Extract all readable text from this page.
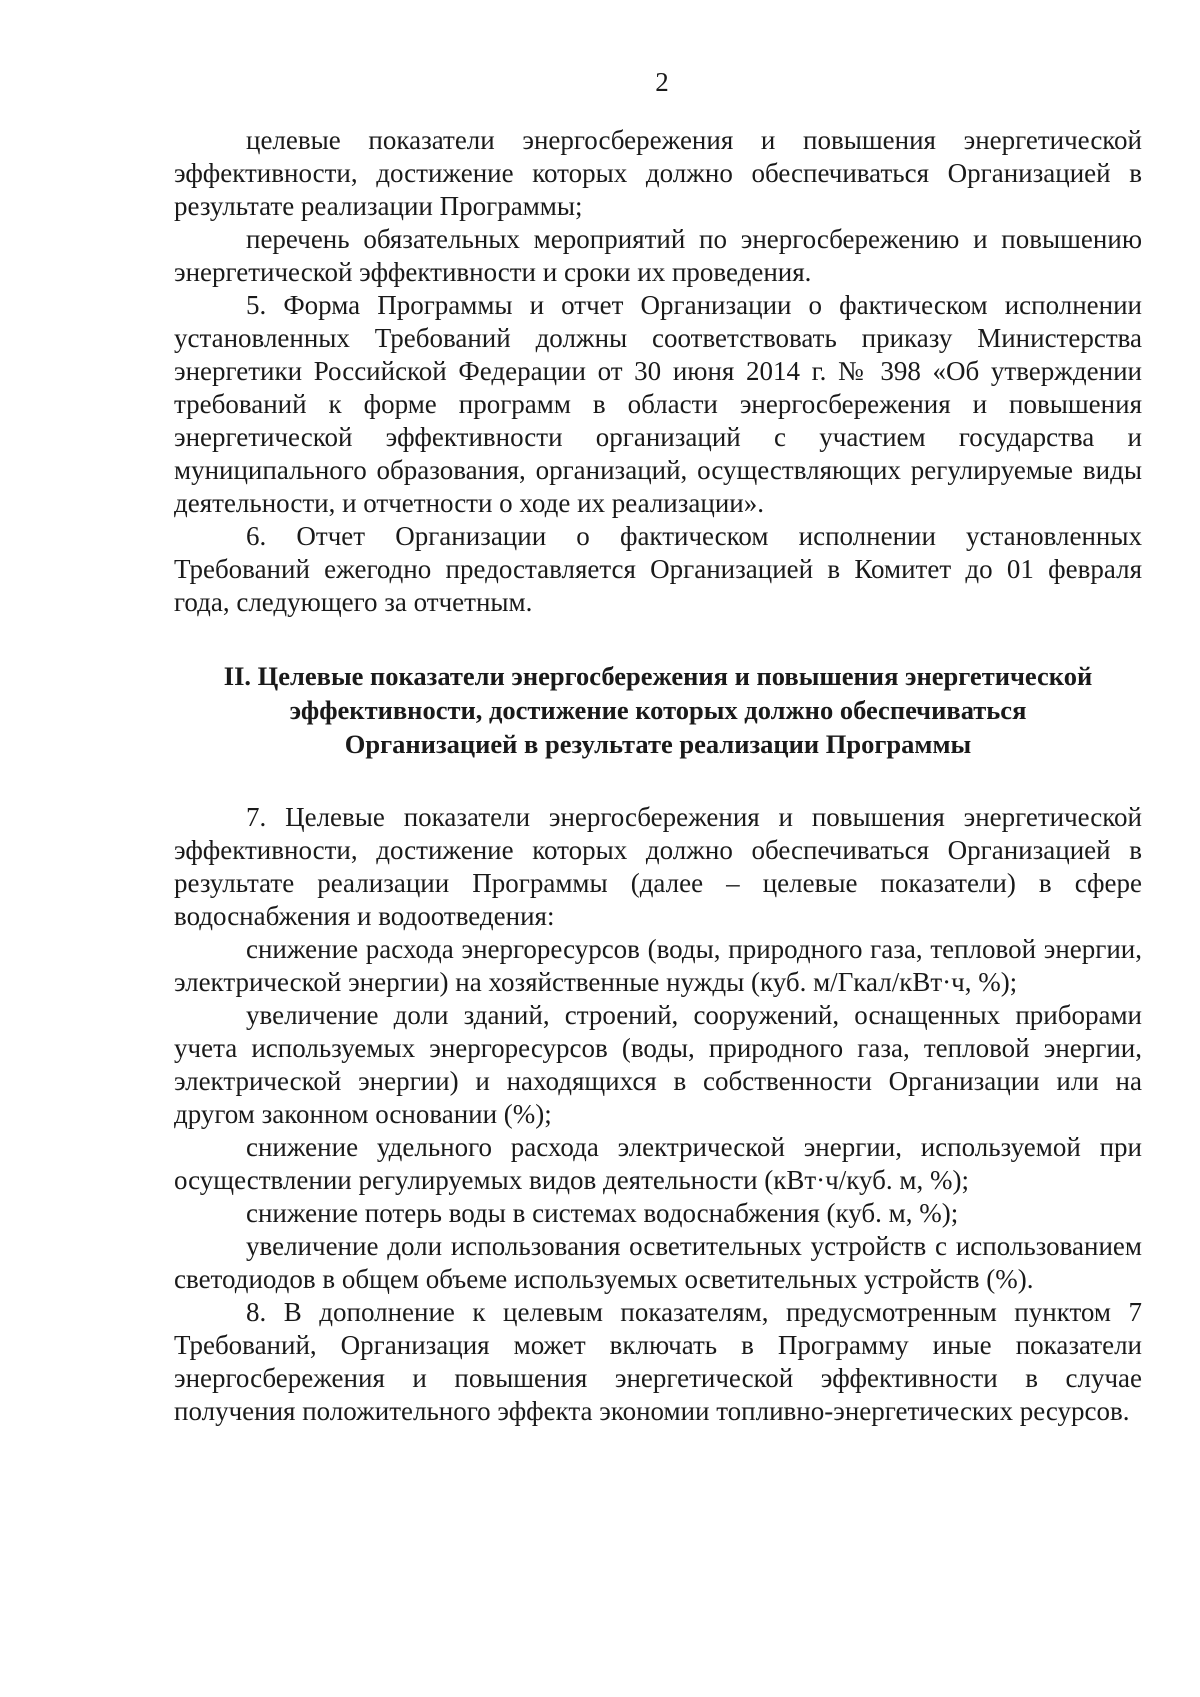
2

целевые показатели энергосбережения и повышения энергетической эффективности, достижение которых должно обеспечиваться Организацией в результате реализации Программы;

перечень обязательных мероприятий по энергосбережению и повышению энергетической эффективности и сроки их проведения.

5. Форма Программы и отчет Организации о фактическом исполнении установленных Требований должны соответствовать приказу Министерства энергетики Российской Федерации от 30 июня 2014 г. № 398 «Об утверждении требований к форме программ в области энергосбережения и повышения энергетической эффективности организаций с участием государства и муниципального образования, организаций, осуществляющих регулируемые виды деятельности, и отчетности о ходе их реализации».

6. Отчет Организации о фактическом исполнении установленных Требований ежегодно предоставляется Организацией в Комитет до 01 февраля года, следующего за отчетным.

II. Целевые показатели энергосбережения и повышения энергетической
эффективности, достижение которых должно обеспечиваться
Организацией в результате реализации Программы

7. Целевые показатели энергосбережения и повышения энергетической эффективности, достижение которых должно обеспечиваться Организацией в результате реализации Программы (далее – целевые показатели) в сфере водоснабжения и водоотведения:

снижение расхода энергоресурсов (воды, природного газа, тепловой энергии, электрической энергии) на хозяйственные нужды (куб. м/Гкал/кВт·ч, %);

увеличение доли зданий, строений, сооружений, оснащенных приборами учета используемых энергоресурсов (воды, природного газа, тепловой энергии, электрической энергии) и находящихся в собственности Организации или на другом законном основании (%);

снижение удельного расхода электрической энергии, используемой при осуществлении регулируемых видов деятельности (кВт·ч/куб. м, %);

снижение потерь воды в системах водоснабжения (куб. м, %);

увеличение доли использования осветительных устройств с использованием светодиодов в общем объеме используемых осветительных устройств (%).

8. В дополнение к целевым показателям, предусмотренным пунктом 7 Требований, Организация может включать в Программу иные показатели энергосбережения и повышения энергетической эффективности в случае получения положительного эффекта экономии топливно-энергетических ресурсов.
